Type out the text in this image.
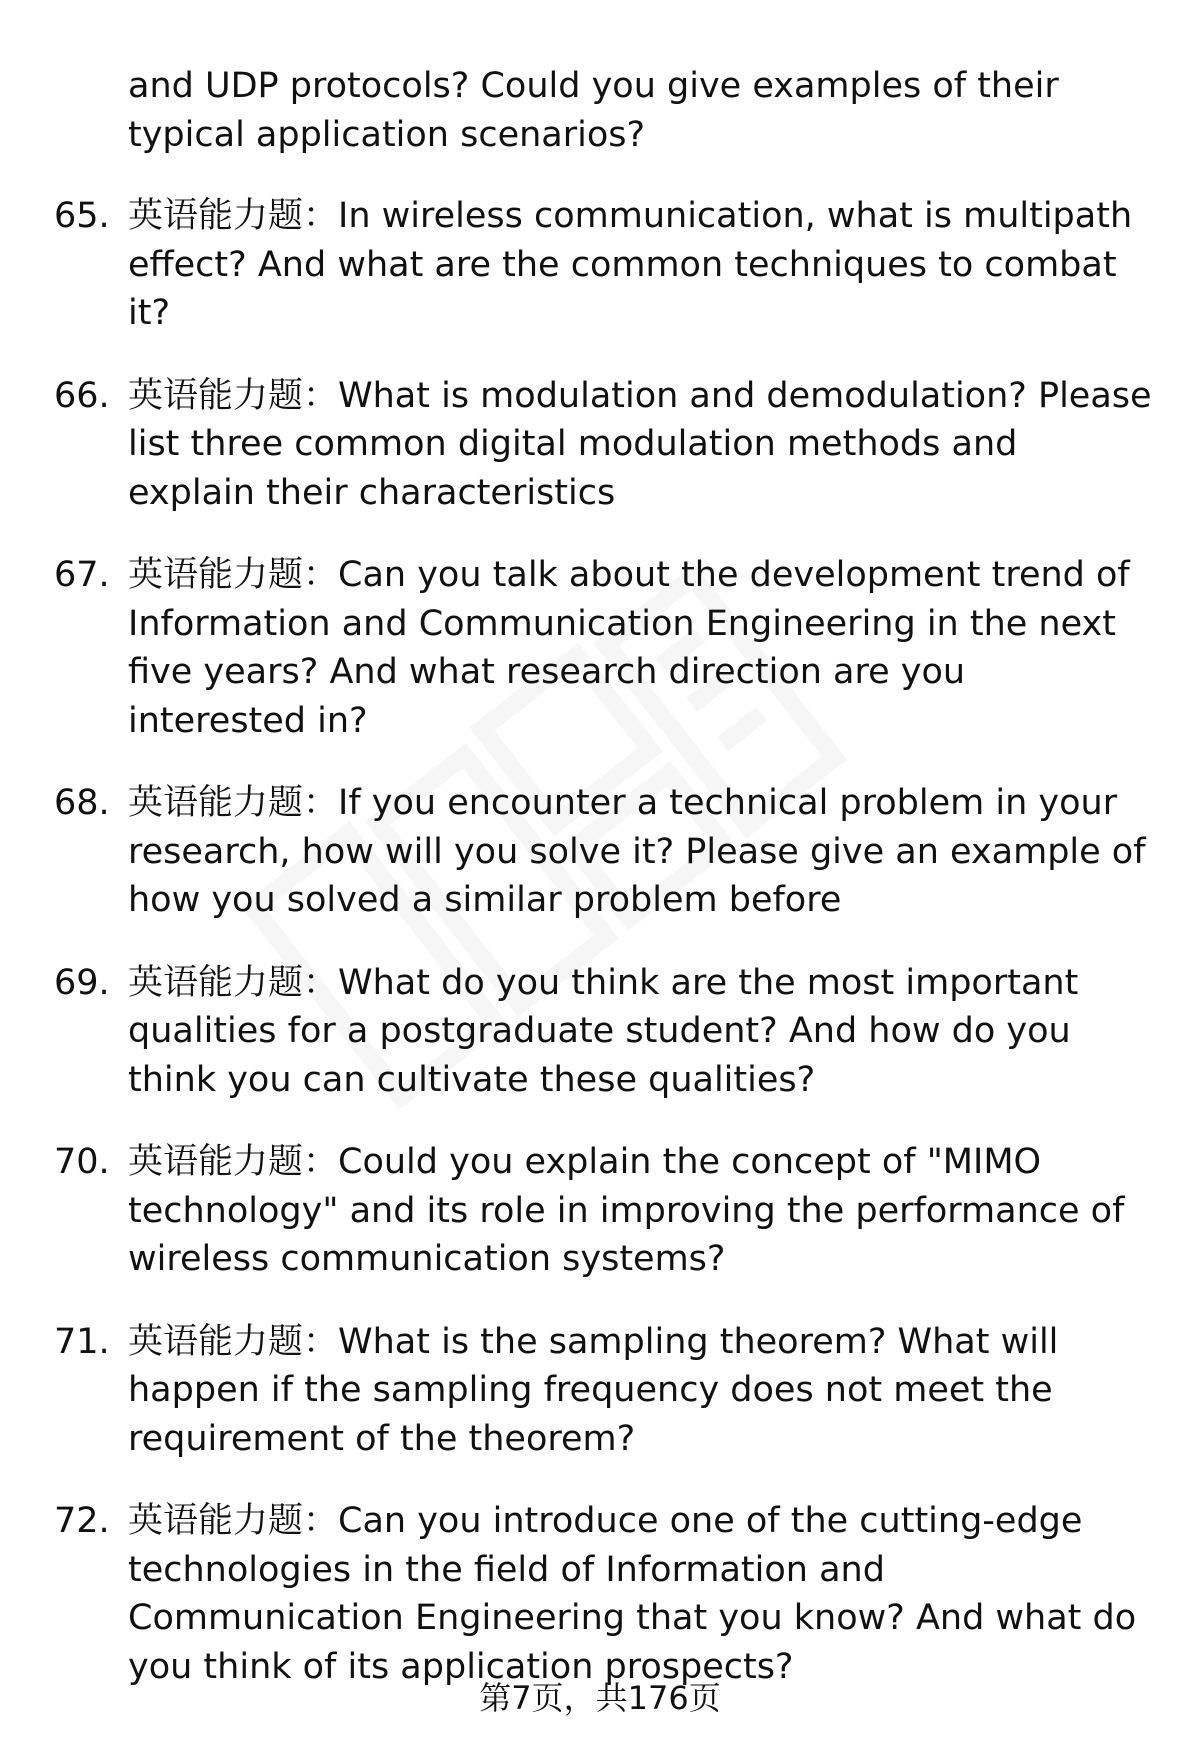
and UDP protocols? Could you give examples of their typical application scenarios?
65. 英语能力题：In wireless communication, what is multipath effect? And what are the common techniques to combat it?
66. 英语能力题：What is modulation and demodulation? Please list three common digital modulation methods and explain their characteristics
67. 英语能力题：Can you talk about the development trend of Information and Communication Engineering in the next five years? And what research direction are you interested in?
68. 英语能力题：If you encounter a technical problem in your research, how will you solve it? Please give an example of how you solved a similar problem before
69. 英语能力题：What do you think are the most important qualities for a postgraduate student? And how do you think you can cultivate these qualities?
70. 英语能力题：Could you explain the concept of "MIMO technology" and its role in improving the performance of wireless communication systems?
71. 英语能力题：What is the sampling theorem? What will happen if the sampling frequency does not meet the requirement of the theorem?
72. 英语能力题：Can you introduce one of the cutting-edge technologies in the field of Information and Communication Engineering that you know? And what do you think of its application prospects?
第7页，共176页
